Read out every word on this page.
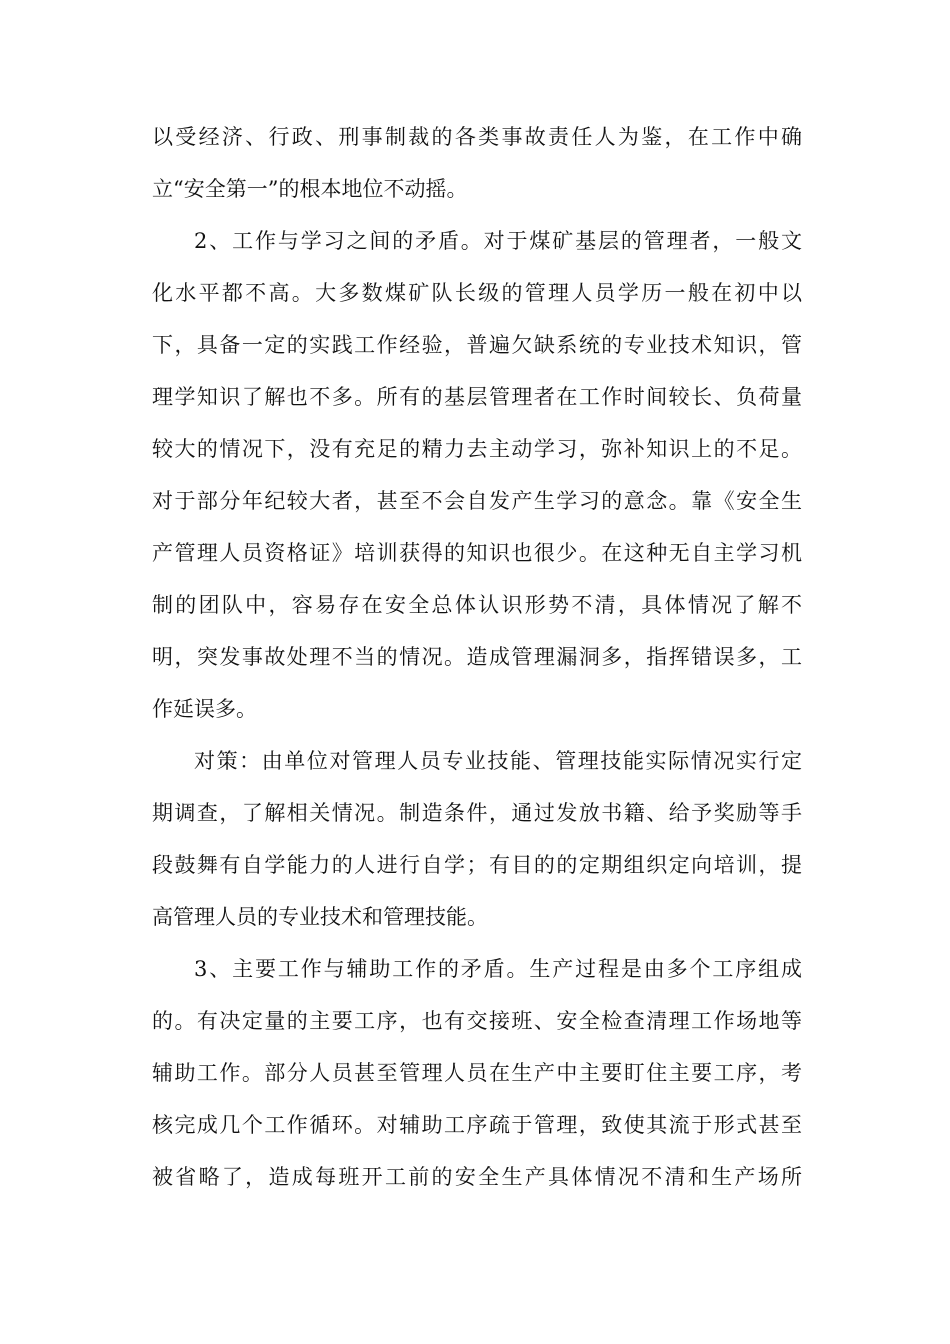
以受经济、行政、刑事制裁的各类事故责任人为鉴，在工作中确
立“安全第一”的根本地位不动摇。
2、工作与学习之间的矛盾。对于煤矿基层的管理者，一般文
化水平都不高。大多数煤矿队长级的管理人员学历一般在初中以
下，具备一定的实践工作经验，普遍欠缺系统的专业技术知识，管
理学知识了解也不多。所有的基层管理者在工作时间较长、负荷量
较大的情况下，没有充足的精力去主动学习，弥补知识上的不足。
对于部分年纪较大者，甚至不会自发产生学习的意念。靠《安全生
产管理人员资格证》培训获得的知识也很少。在这种无自主学习机
制的团队中，容易存在安全总体认识形势不清，具体情况了解不
明，突发事故处理不当的情况。造成管理漏洞多，指挥错误多，工
作延误多。
对策：由单位对管理人员专业技能、管理技能实际情况实行定
期调查，了解相关情况。制造条件，通过发放书籍、给予奖励等手
段鼓舞有自学能力的人进行自学；有目的的定期组织定向培训，提
高管理人员的专业技术和管理技能。
3、主要工作与辅助工作的矛盾。生产过程是由多个工序组成
的。有决定量的主要工序，也有交接班、安全检查清理工作场地等
辅助工作。部分人员甚至管理人员在生产中主要盯住主要工序，考
核完成几个工作循环。对辅助工序疏于管理，致使其流于形式甚至
被省略了，造成每班开工前的安全生产具体情况不清和生产场所
